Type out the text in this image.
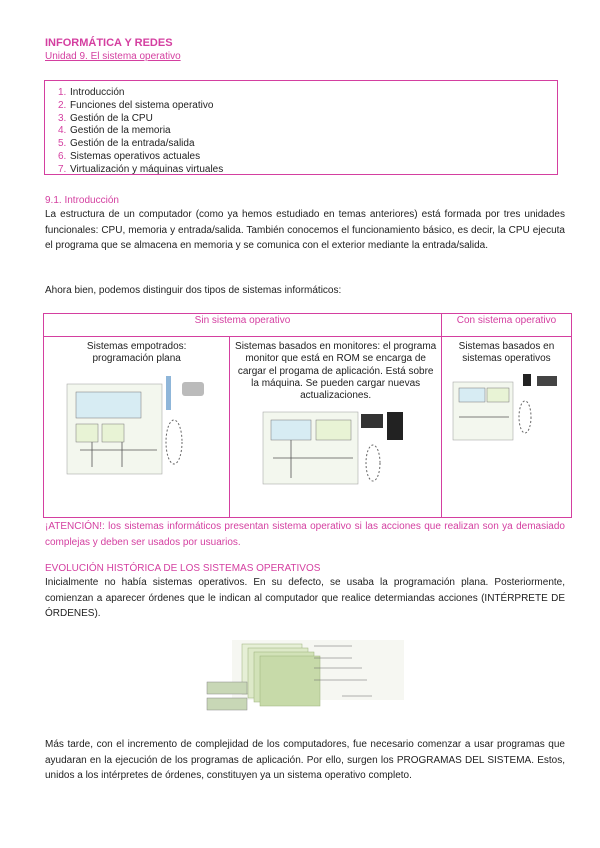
INFORMÁTICA Y REDES
Unidad 9. El sistema operativo
1. Introducción
2. Funciones del sistema operativo
3. Gestión de la CPU
4. Gestión de la memoria
5. Gestión de la entrada/salida
6. Sistemas operativos actuales
7. Virtualización y máquinas virtuales
9.1. Introducción
La estructura de un computador (como ya hemos estudiado en temas anteriores) está formada por tres unidades funcionales: CPU, memoria y entrada/salida. También conocemos el funcionamiento básico, es decir, la CPU ejecuta el programa que se almacena en memoria y se comunica con el exterior mediante la entrada/salida.
Ahora bien, podemos distinguir dos tipos de sistemas informáticos:
Sin sistema operativo		Con sistema operativo

Sistemas empotrados: programación plana	Sistemas basados en monitores: el programa monitor que está en ROM se encarga de cargar el progama de aplicación. Está sobre la máquina. Se pueden cargar nuevas actualizaciones.	Sistemas basados en sistemas operativos
¡ATENCIÓN!: los sistemas informáticos presentan sistema operativo si las acciones que realizan son ya demasiado complejas y deben ser usados por usuarios.
EVOLUCIÓN HISTÓRICA DE LOS SISTEMAS OPERATIVOS
Inicialmente no había sistemas operativos. En su defecto, se usaba la programación plana. Posteriormente, comienzan a aparecer órdenes que le indican al computador que realice determiandas acciones (INTÉRPRETE DE ÓRDENES).
Más tarde, con el incremento de complejidad de los computadores, fue necesario comenzar a usar programas que ayudaran en la ejecución de los programas de aplicación. Por ello, surgen los PROGRAMAS DEL SISTEMA. Estos, unidos a los intérpretes de órdenes, constituyen ya un sistema operativo completo.
